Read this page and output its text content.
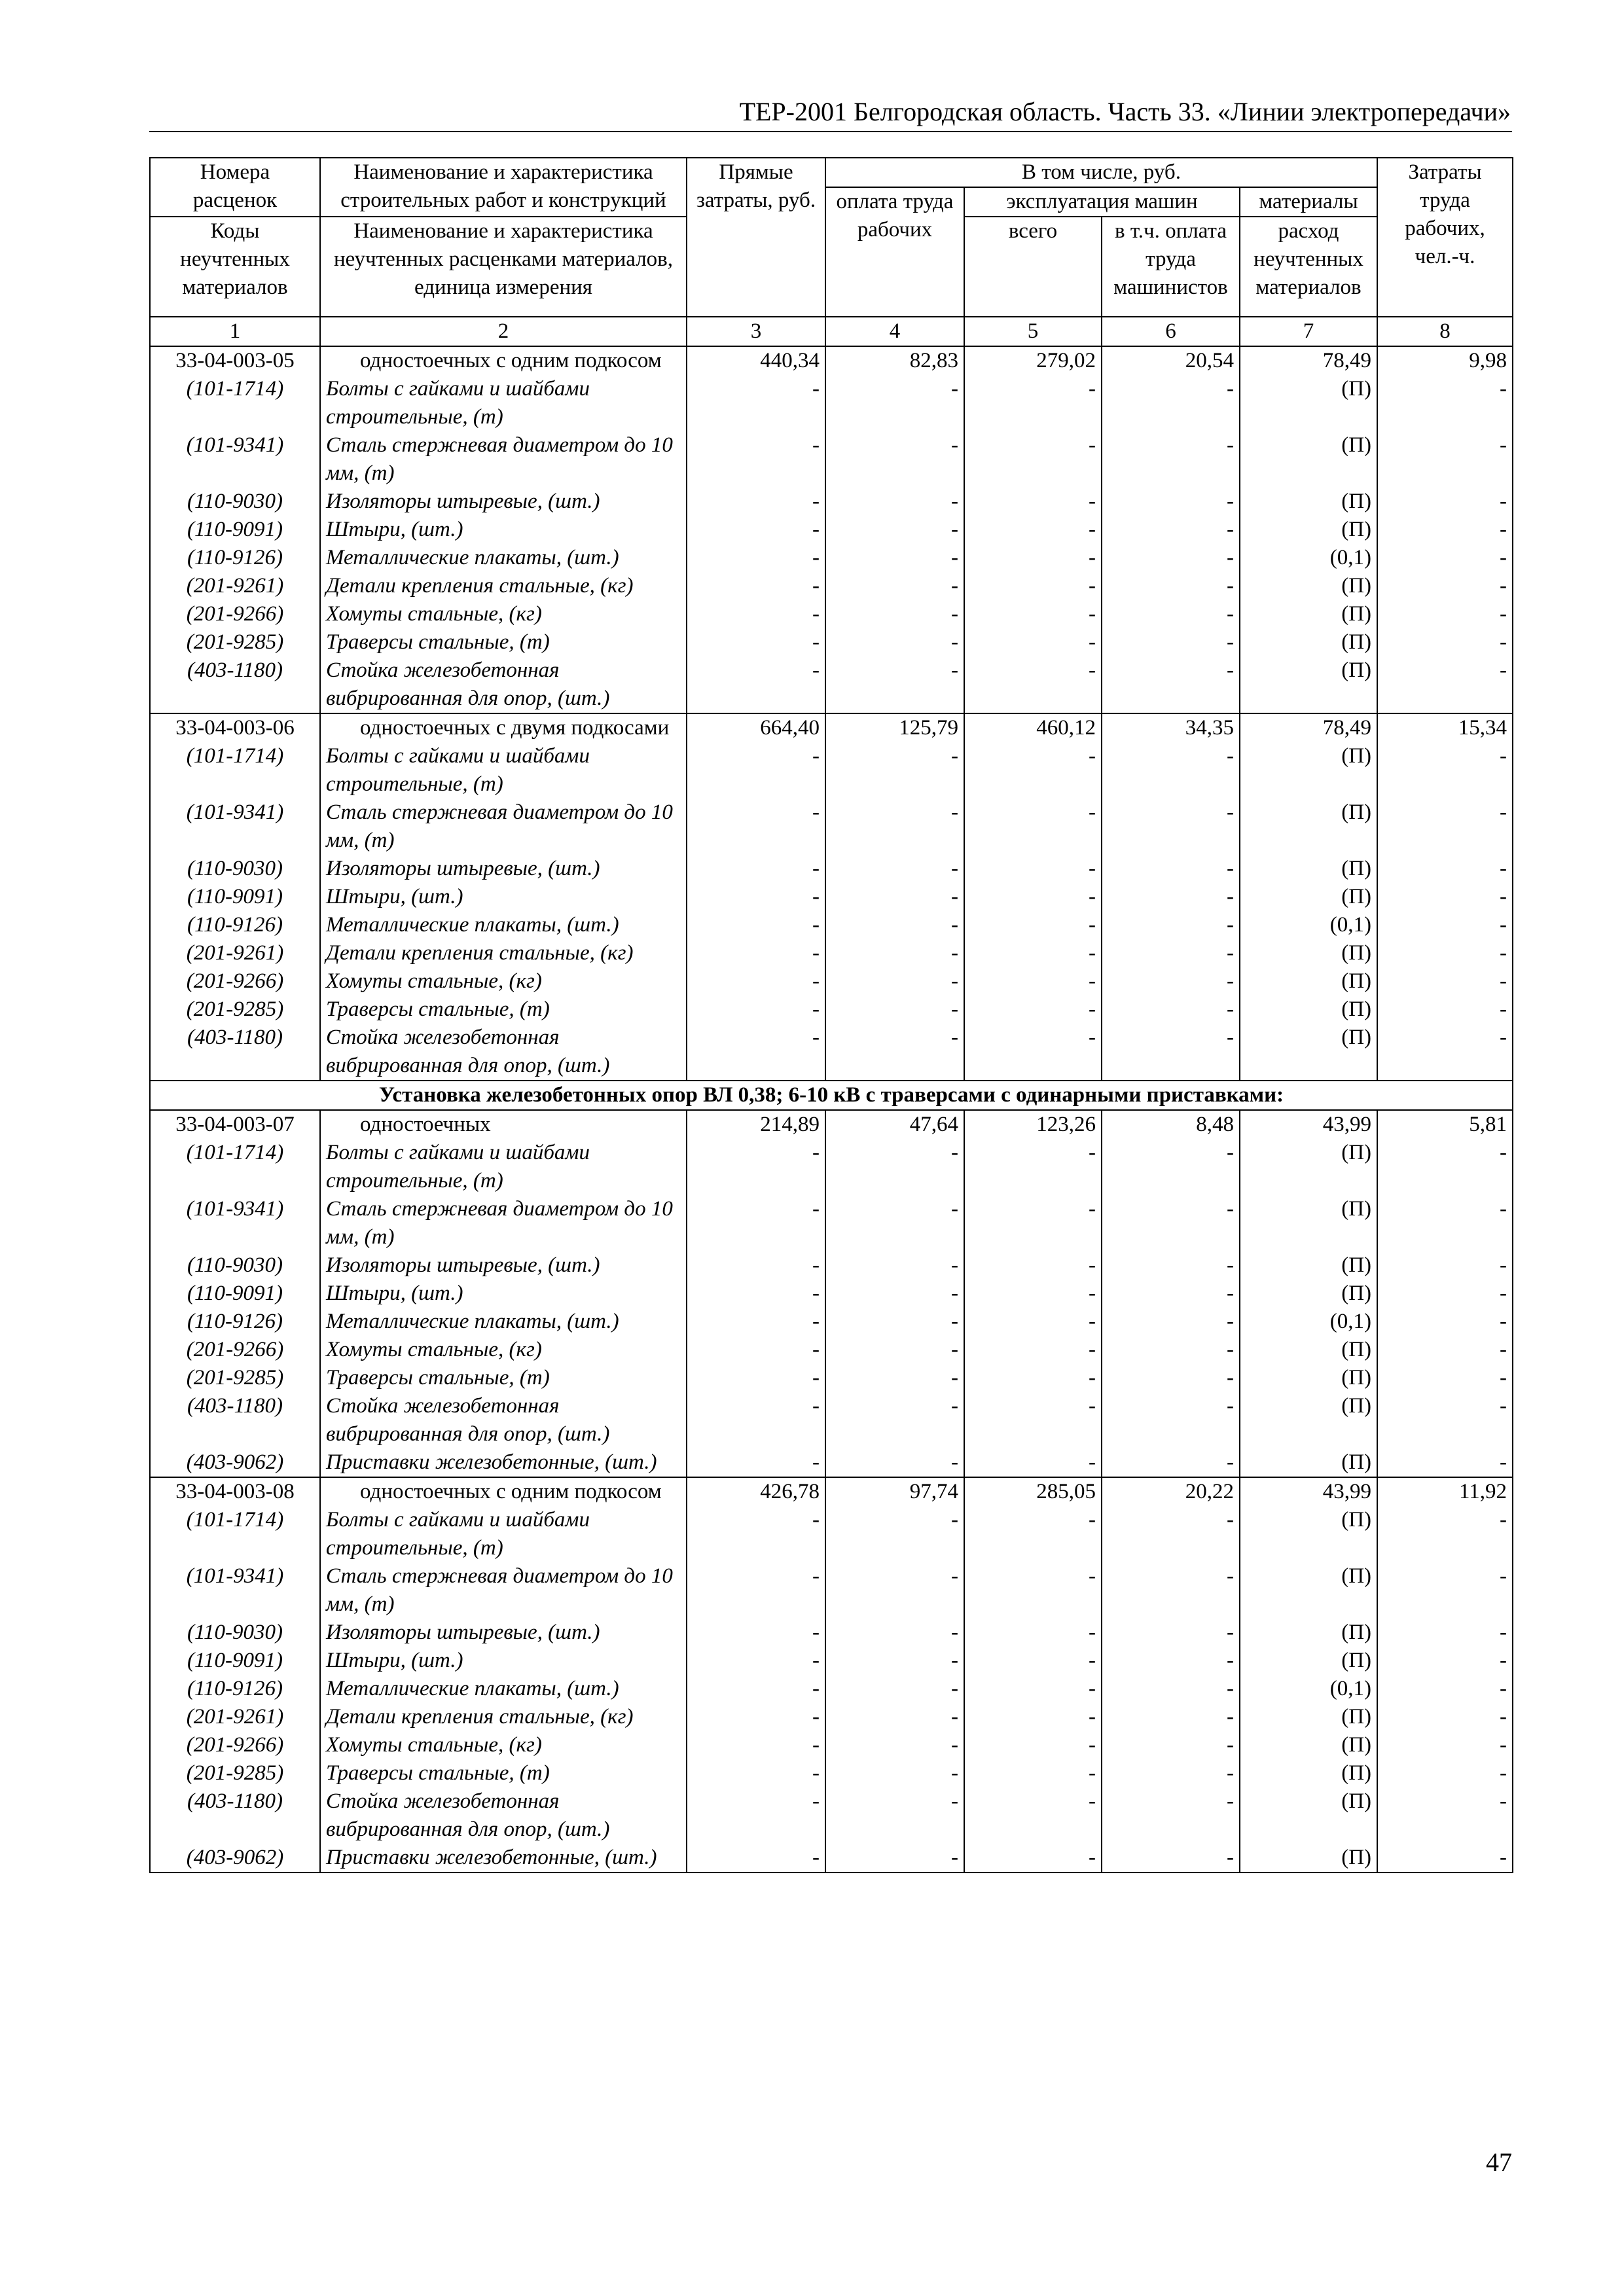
ТЕР-2001 Белгородская область. Часть 33. «Линии электропередачи»
Номера расценок	Наименование и характеристика строительных работ и конструкций	Прямые затраты, руб.	В том числе, руб.				Затраты труда рабочих, чел.-ч.
			оплата труда рабочих	эксплуатация машин		материалы	
Коды неучтенных материалов	Наименование и характеристика неучтенных расценками материалов, единица измерения			всего	в т.ч. оплата труда машинистов	расход неучтенных материалов	

1	2	3	4	5	6	7	8
33-04-003-05	одностоечных с одним подкосом	440,34	82,83	279,02	20,54	78,49	9,98
(101-1714)	Болты с гайками и шайбами строительные, (т)	-	-	-	-	(П)	-
(101-9341)	Сталь стержневая диаметром до 10 мм, (т)	-	-	-	-	(П)	-
(110-9030)	Изоляторы штыревые, (шт.)	-	-	-	-	(П)	-
(110-9091)	Штыри, (шт.)	-	-	-	-	(П)	-
(110-9126)	Металлические плакаты, (шт.)	-	-	-	-	(0,1)	-
(201-9261)	Детали крепления стальные, (кг)	-	-	-	-	(П)	-
(201-9266)	Хомуты стальные, (кг)	-	-	-	-	(П)	-
(201-9285)	Траверсы стальные, (т)	-	-	-	-	(П)	-
(403-1180)	Стойка железобетонная вибрированная для опор, (шт.)	-	-	-	-	(П)	-
33-04-003-06	одностоечных с двумя подкосами	664,40	125,79	460,12	34,35	78,49	15,34
(101-1714)	Болты с гайками и шайбами строительные, (т)	-	-	-	-	(П)	-
(101-9341)	Сталь стержневая диаметром до 10 мм, (т)	-	-	-	-	(П)	-
(110-9030)	Изоляторы штыревые, (шт.)	-	-	-	-	(П)	-
(110-9091)	Штыри, (шт.)	-	-	-	-	(П)	-
(110-9126)	Металлические плакаты, (шт.)	-	-	-	-	(0,1)	-
(201-9261)	Детали крепления стальные, (кг)	-	-	-	-	(П)	-
(201-9266)	Хомуты стальные, (кг)	-	-	-	-	(П)	-
(201-9285)	Траверсы стальные, (т)	-	-	-	-	(П)	-
(403-1180)	Стойка железобетонная вибрированная для опор, (шт.)	-	-	-	-	(П)	-
Установка железобетонных опор ВЛ 0,38; 6-10 кВ с траверсами с одинарными приставками:							
33-04-003-07	одностоечных	214,89	47,64	123,26	8,48	43,99	5,81
(101-1714)	Болты с гайками и шайбами строительные, (т)	-	-	-	-	(П)	-
(101-9341)	Сталь стержневая диаметром до 10 мм, (т)	-	-	-	-	(П)	-
(110-9030)	Изоляторы штыревые, (шт.)	-	-	-	-	(П)	-
(110-9091)	Штыри, (шт.)	-	-	-	-	(П)	-
(110-9126)	Металлические плакаты, (шт.)	-	-	-	-	(0,1)	-
(201-9266)	Хомуты стальные, (кг)	-	-	-	-	(П)	-
(201-9285)	Траверсы стальные, (т)	-	-	-	-	(П)	-
(403-1180)	Стойка железобетонная вибрированная для опор, (шт.)	-	-	-	-	(П)	-
(403-9062)	Приставки железобетонные, (шт.)	-	-	-	-	(П)	-
33-04-003-08	одностоечных с одним подкосом	426,78	97,74	285,05	20,22	43,99	11,92
(101-1714)	Болты с гайками и шайбами строительные, (т)	-	-	-	-	(П)	-
(101-9341)	Сталь стержневая диаметром до 10 мм, (т)	-	-	-	-	(П)	-
(110-9030)	Изоляторы штыревые, (шт.)	-	-	-	-	(П)	-
(110-9091)	Штыри, (шт.)	-	-	-	-	(П)	-
(110-9126)	Металлические плакаты, (шт.)	-	-	-	-	(0,1)	-
(201-9261)	Детали крепления стальные, (кг)	-	-	-	-	(П)	-
(201-9266)	Хомуты стальные, (кг)	-	-	-	-	(П)	-
(201-9285)	Траверсы стальные, (т)	-	-	-	-	(П)	-
(403-1180)	Стойка железобетонная вибрированная для опор, (шт.)	-	-	-	-	(П)	-
(403-9062)	Приставки железобетонные, (шт.)	-	-	-	-	(П)	-
47
